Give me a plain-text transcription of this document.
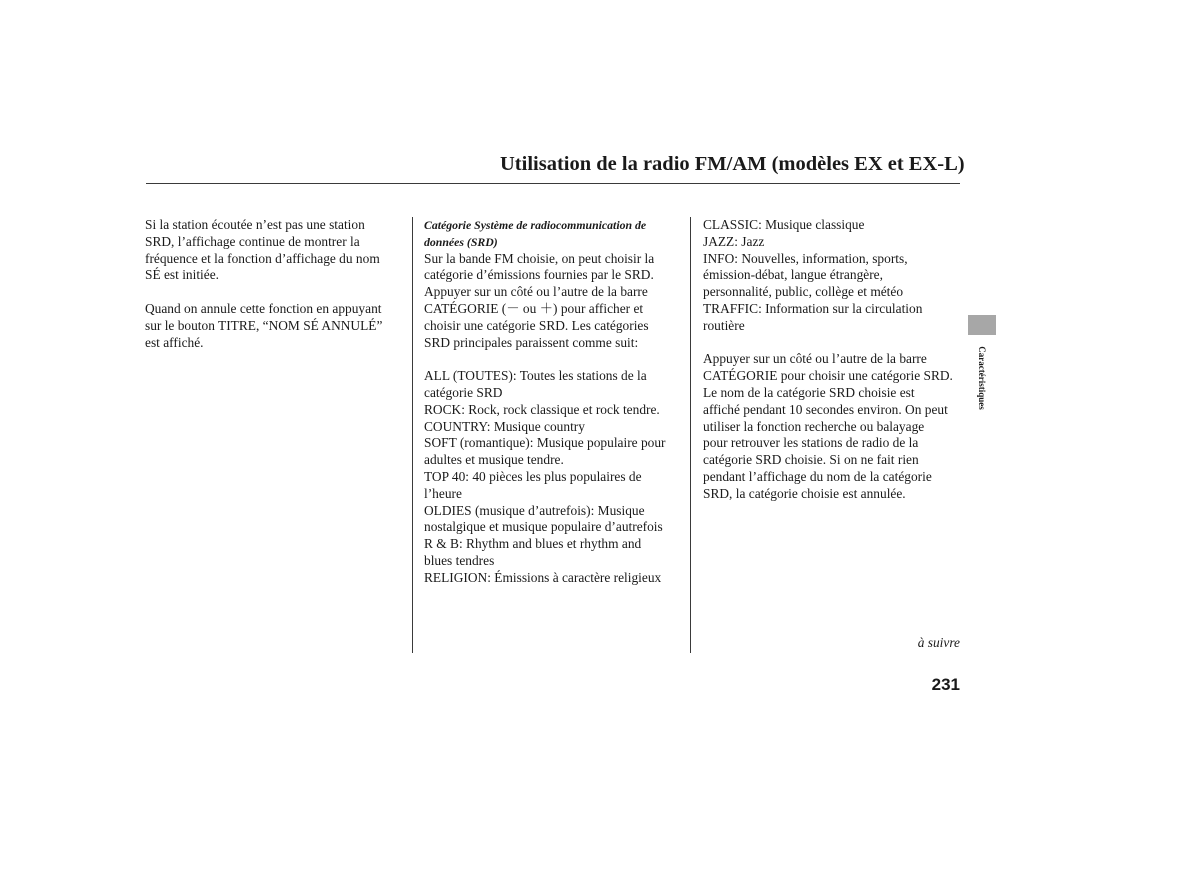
Utilisation de la radio FM/AM (modèles EX et EX-L)

Si la station écoutée n’est pas une station

SRD, l’affichage continue de montrer la

fréquence et la fonction d’affichage du nom

SÉ est initiée.

Quand on annule cette fonction en appuyant

sur le bouton TITRE, “NOM SÉ ANNULÉ”

est affiché.

Catégorie Système de radiocommunication de

données (SRD)

Sur la bande FM choisie, on peut choisir la

catégorie d’émissions fournies par le SRD.

Appuyer sur un côté ou l’autre de la barre

CATÉGORIE (－ ou ＋) pour afficher et

choisir une catégorie SRD. Les catégories

SRD principales paraissent comme suit:

ALL (TOUTES): Toutes les stations de la

catégorie SRD

ROCK: Rock, rock classique et rock tendre.

COUNTRY: Musique country

SOFT (romantique): Musique populaire pour

adultes et musique tendre.

TOP 40: 40 pièces les plus populaires de

l’heure

OLDIES (musique d’autrefois): Musique

nostalgique et musique populaire d’autrefois

R & B: Rhythm and blues et rhythm and

blues tendres

RELIGION: Émissions à caractère religieux

CLASSIC: Musique classique

JAZZ: Jazz

INFO: Nouvelles, information, sports,

émission-débat, langue étrangère,

personnalité, public, collège et météo

TRAFFIC: Information sur la circulation

routière

Appuyer sur un côté ou l’autre de la barre

CATÉGORIE pour choisir une catégorie SRD.

Le nom de la catégorie SRD choisie est

affiché pendant 10 secondes environ. On peut

utiliser la fonction recherche ou balayage

pour retrouver les stations de radio de la

catégorie SRD choisie. Si on ne fait rien

pendant l’affichage du nom de la catégorie

SRD, la catégorie choisie est annulée.

Caractéristiques
à suivre
231
